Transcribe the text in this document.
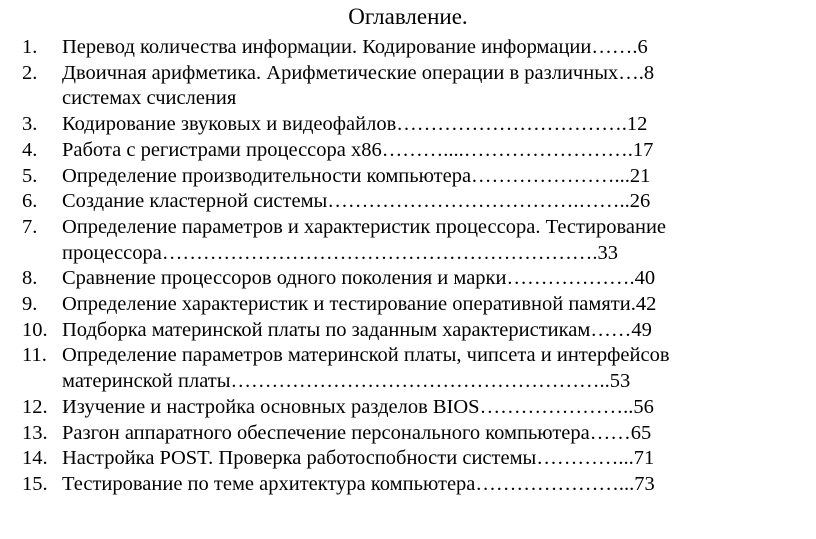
Оглавление.
1.	Перевод количества информации. Кодирование информации…….6
2.	Двоичная арифметика. Арифметические операции в различных….8
системах счисления
3.	Кодирование звуковых и видеофайлов…………………………….12
4.	Работа с регистрами процессора х86………....…………………….17
5.	Определение производительности компьютера…………………...21
6.	Создание кластерной системы……………………………….……..26
7.	Определение параметров и характеристик процессора. Тестирование
процессора……………………………………………………….33
8.	Сравнение процессоров одного поколения и марки……………….40
9.	Определение характеристик и тестирование оперативной памяти.42
10. Подборка материнской платы по заданным характеристикам……49
11. Определение параметров материнской платы, чипсета и интерфейсов
материнской платы………………………………………………..53
12. Изучение и настройка основных разделов BIOS…………………..56
13. Разгон аппаратного обеспечение персонального компьютера……65
14. Настройка POST. Проверка работоспобности системы…………...71
15. Тестирование по теме архитектура компьютера…………………...73
